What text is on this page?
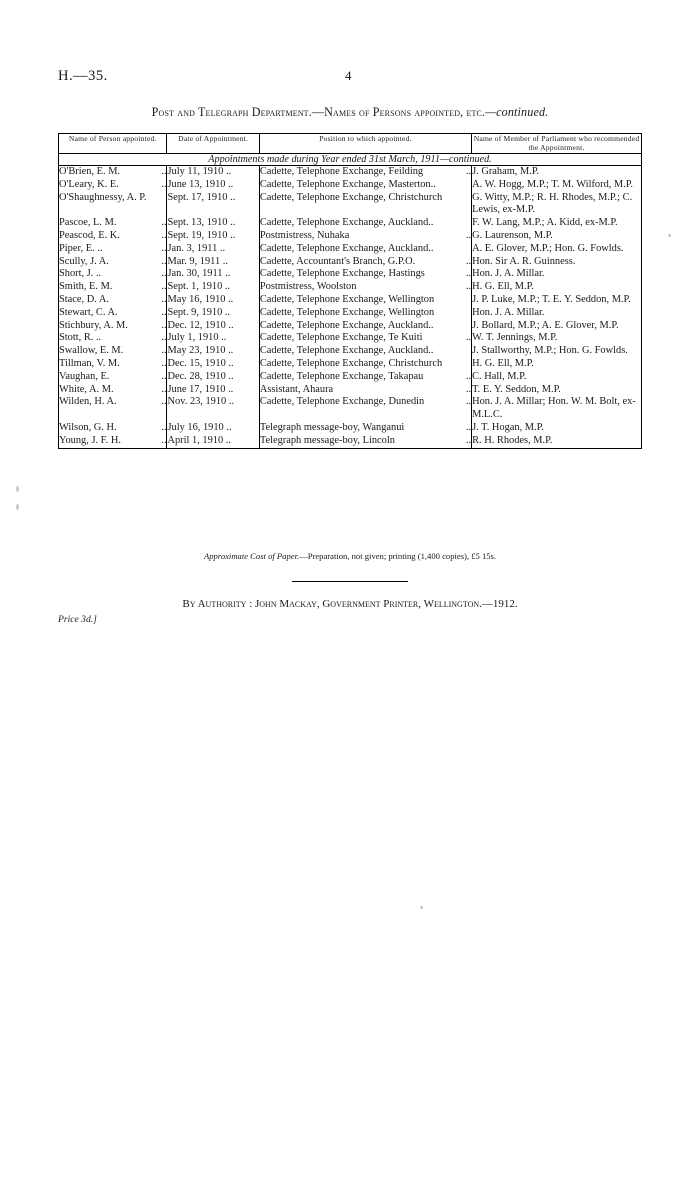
H.—35.	4
Post and Telegraph Department.—Names of Persons appointed, etc.—continued.
Name of Person appointed.	Date of Appointment.	Position to which appointed.	Name of Member of Parliament who recommended the Appointment.
Appointments made during Year ended 31st March, 1911—continued.			
O'Brien, E. M. ..	July 11, 1910 ..	Cadette, Telephone Exchange, Feilding ..	J. Graham, M.P.
O'Leary, K. E. ..	June 13, 1910 ..	Cadette, Telephone Exchange, Masterton..	A. W. Hogg, M.P.; T. M. Wilford, M.P.
O'Shaughnessy, A. P.	Sept. 17, 1910 ..	Cadette, Telephone Exchange, Christchurch	G. Witty, M.P.; R. H. Rhodes, M.P.; C. Lewis, ex-M.P.
Pascoe, L. M. ..	Sept. 13, 1910 ..	Cadette, Telephone Exchange, Auckland..	F. W. Lang, M.P.; A. Kidd, ex-M.P.
Peascod, E. K. ..	Sept. 19, 1910 ..	Postmistress, Nuhaka ..	G. Laurenson, M.P.
Piper, E. .. ..	Jan. 3, 1911 ..	Cadette, Telephone Exchange, Auckland..	A. E. Glover, M.P.; Hon. G. Fowlds.
Scully, J. A. ..	Mar. 9, 1911 ..	Cadette, Accountant's Branch, G.P.O. ..	Hon. Sir A. R. Guinness.
Short, J. .. ..	Jan. 30, 1911 ..	Cadette, Telephone Exchange, Hastings ..	Hon. J. A. Millar.
Smith, E. M. ..	Sept. 1, 1910 ..	Postmistress, Woolston ..	H. G. Ell, M.P.
Stace, D. A. ..	May 16, 1910 ..	Cadette, Telephone Exchange, Wellington	J. P. Luke, M.P.; T. E. Y. Seddon, M.P.
Stewart, C. A. ..	Sept. 9, 1910 ..	Cadette, Telephone Exchange, Wellington	Hon. J. A. Millar.
Stichbury, A. M. ..	Dec. 12, 1910 ..	Cadette, Telephone Exchange, Auckland..	J. Bollard, M.P.; A. E. Glover, M.P.
Stott, R. .. ..	July 1, 1910 ..	Cadette, Telephone Exchange, Te Kuiti ..	W. T. Jennings, M.P.
Swallow, E. M. ..	May 23, 1910 ..	Cadette, Telephone Exchange, Auckland..	J. Stallworthy, M.P.; Hon. G. Fowlds.
Tillman, V. M. ..	Dec. 15, 1910 ..	Cadette, Telephone Exchange, Christchurch	H. G. Ell, M.P.
Vaughan, E. ..	Dec. 28, 1910 ..	Cadette, Telephone Exchange, Takapau ..	C. Hall, M.P.
White, A. M. ..	June 17, 1910 ..	Assistant, Ahaura ..	T. E. Y. Seddon, M.P.
Wilden, H. A. ..	Nov. 23, 1910 ..	Cadette, Telephone Exchange, Dunedin ..	Hon. J. A. Millar; Hon. W. M. Bolt, ex-M.L.C.
Wilson, G. H. ..	July 16, 1910 ..	Telegraph message-boy, Wanganui ..	J. T. Hogan, M.P.
Young, J. F. H. ..	April 1, 1910 ..	Telegraph message-boy, Lincoln ..	R. H. Rhodes, M.P.
Approximate Cost of Paper.—Preparation, not given; printing (1,400 copies), £5 15s.
By Authority : John Mackay, Government Printer, Wellington.—1912.
Price 3d.]
